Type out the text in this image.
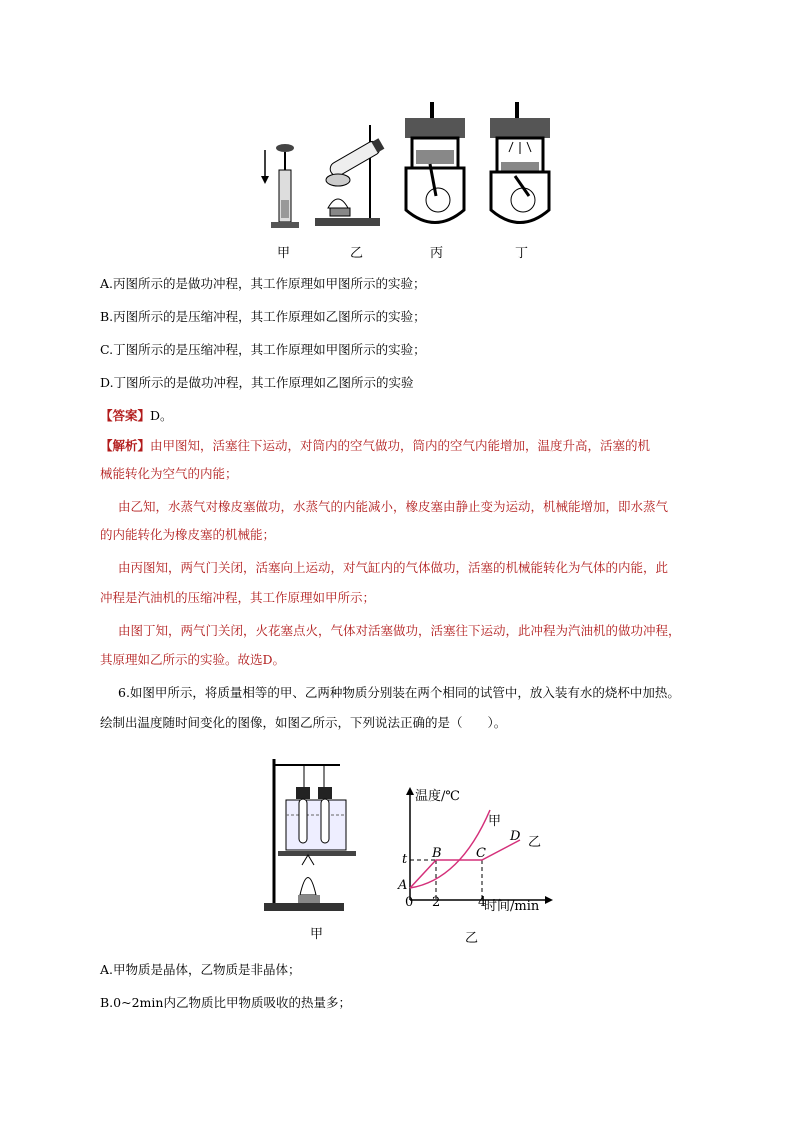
甲	乙	丙	丁
A.丙图所示的是做功冲程，其工作原理如甲图所示的实验；
B.丙图所示的是压缩冲程，其工作原理如乙图所示的实验；
C.丁图所示的是压缩冲程，其工作原理如甲图所示的实验；
D.丁图所示的是做功冲程，其工作原理如乙图所示的实验
【答案】D。
【解析】由甲图知，活塞往下运动，对筒内的空气做功，筒内的空气内能增加，温度升高，活塞的机
械能转化为空气的内能；
由乙知，水蒸气对橡皮塞做功，水蒸气的内能减小，橡皮塞由静止变为运动，机械能增加，即水蒸气
的内能转化为橡皮塞的机械能；
由丙图知，两气门关闭，活塞向上运动，对气缸内的气体做功，活塞的机械能转化为气体的内能，此
冲程是汽油机的压缩冲程，其工作原理如甲所示；
由图丁知，两气门关闭，火花塞点火，气体对活塞做功，活塞往下运动，此冲程为汽油机的做功冲程，
其原理如乙所示的实验。故选D。
6.如图甲所示，将质量相等的甲、乙两种物质分别装在两个相同的试管中，放入装有水的烧杯中加热。
绘制出温度随时间变化的图像，如图乙所示，下列说法正确的是（　　）。
甲
温度/℃
时间/min
0 2	4
t
A
B	C
D
甲
乙
乙
A.甲物质是晶体，乙物质是非晶体；
B.0~2min内乙物质比甲物质吸收的热量多；
